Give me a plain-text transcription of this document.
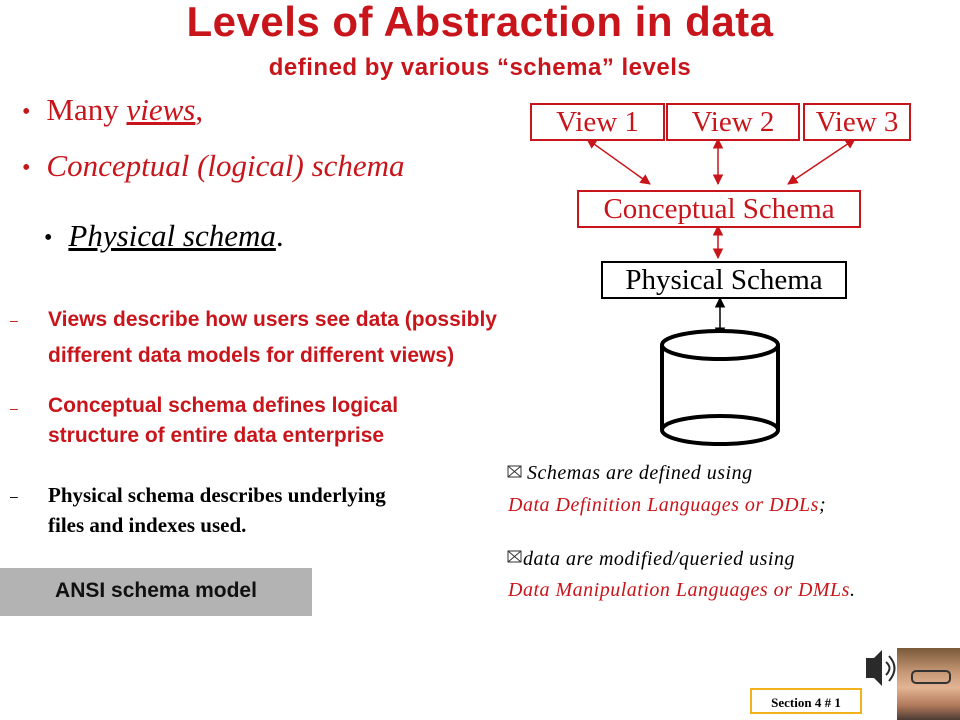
Levels of Abstraction in data
defined by various “schema” levels
• Many views,
• Conceptual (logical) schema
• Physical schema.
– Views describe how users see data (possibly
different data models for different views)
– Conceptual schema defines logical
structure of entire data enterprise
– Physical schema describes underlying
files and indexes used.
View 1	View 2	View 3
Conceptual Schema
Physical Schema
Schemas are defined using
Data Definition Languages or DDLs;
data are modified/queried using
Data Manipulation Languages or DMLs.
ANSI schema model
Section 4 # 1
